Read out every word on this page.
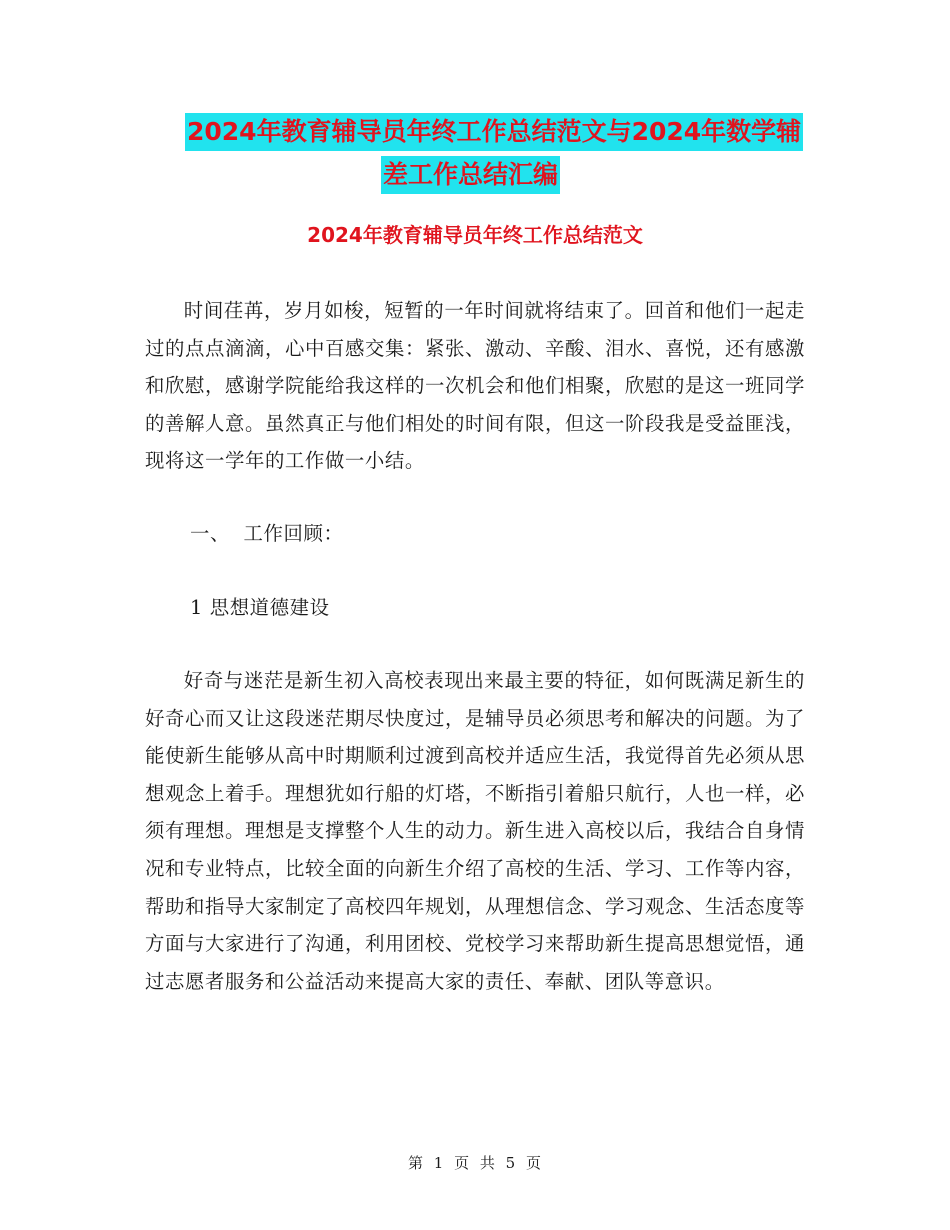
2024年教育辅导员年终工作总结范文与2024年数学辅
差工作总结汇编
2024年教育辅导员年终工作总结范文

时间荏苒，岁月如梭，短暂的一年时间就将结束了。回首和他们一起走过的点点滴滴，心中百感交集：紧张、激动、辛酸、泪水、喜悦，还有感激和欣慰，感谢学院能给我这样的一次机会和他们相聚，欣慰的是这一班同学的善解人意。虽然真正与他们相处的时间有限，但这一阶段我是受益匪浅，现将这一学年的工作做一小结。

一、  工作回顾：

1 思想道德建设

好奇与迷茫是新生初入高校表现出来最主要的特征，如何既满足新生的好奇心而又让这段迷茫期尽快度过，是辅导员必须思考和解决的问题。为了能使新生能够从高中时期顺利过渡到高校并适应生活，我觉得首先必须从思想观念上着手。理想犹如行船的灯塔，不断指引着船只航行，人也一样，必须有理想。理想是支撑整个人生的动力。新生进入高校以后，我结合自身情况和专业特点，比较全面的向新生介绍了高校的生活、学习、工作等内容，帮助和指导大家制定了高校四年规划，从理想信念、学习观念、生活态度等方面与大家进行了沟通，利用团校、党校学习来帮助新生提高思想觉悟，通过志愿者服务和公益活动来提高大家的责任、奉献、团队等意识。

第 1 页 共 5 页
